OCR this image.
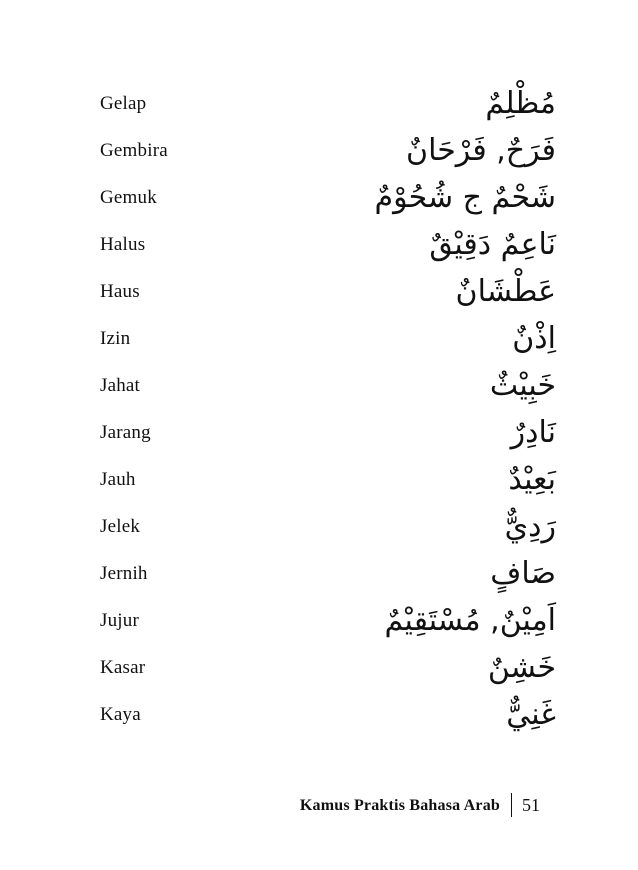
Gelap	مُظْلِمٌ
Gembira	فَرَحٌ, فَرْحَانٌ
Gemuk	شَحْمٌ ج شُحُوْمٌ
Halus	نَاعِمٌ دَقِيْقٌ
Haus	عَطْشَانٌ
Izin	اِذْنٌ
Jahat	خَبِيْثٌ
Jarang	نَادِرٌ
Jauh	بَعِيْدٌ
Jelek	رَدِيٌّ
Jernih	صَافٍ
Jujur	اَمِيْنٌ, مُسْتَقِيْمٌ
Kasar	خَشِنٌ
Kaya	غَنِيٌّ
Kamus Praktis Bahasa Arab 51
